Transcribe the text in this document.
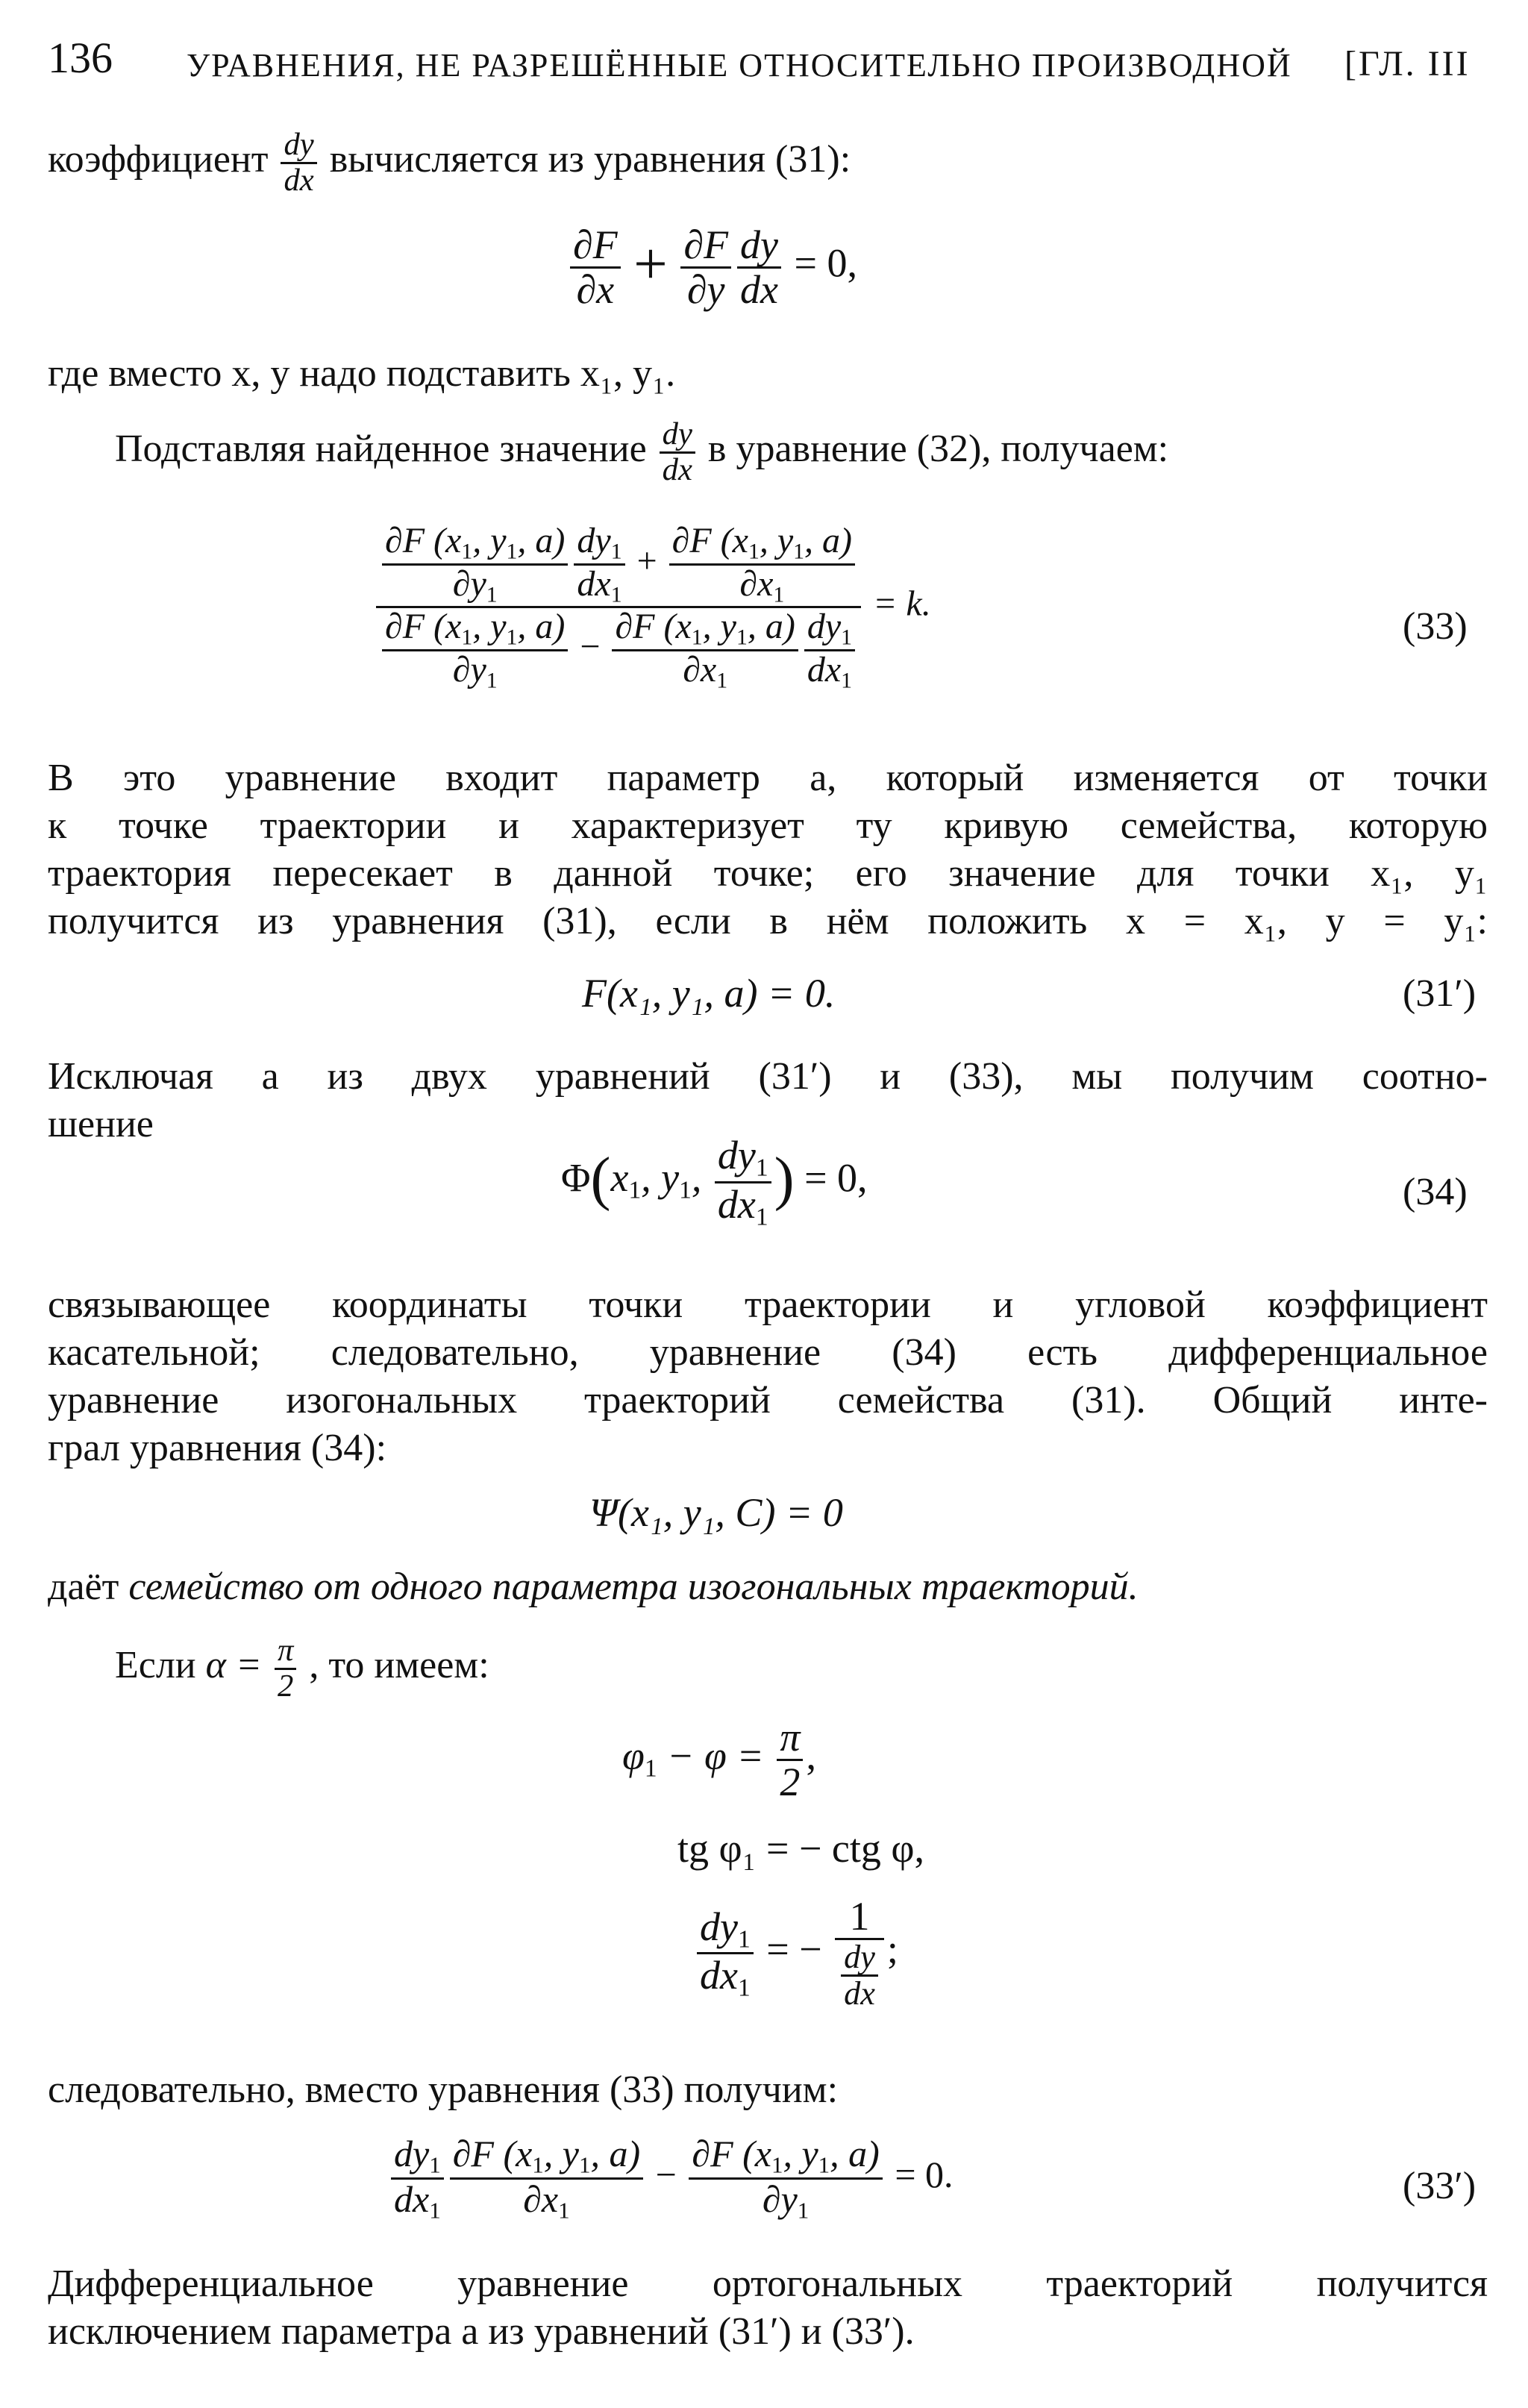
136 УРАВНЕНИЯ, НЕ РАЗРЕШЁННЫЕ ОТНОСИТЕЛЬНО ПРОИЗВОДНОЙ [ГЛ. III
коэффициент $\frac{dy}{dx}$ вычисляется из уравнения (31):
$\frac{\partial F}{\partial x} + \frac{\partial F}{\partial y} \frac{dy}{dx} = 0$,
где вместо x, y надо подставить x₁, y₁.
Подставляя найденное значение $\frac{dy}{dx}$ в уравнение (32), получаем:
$\frac{\frac{\partial F (x_1, y_1, a)}{\partial y_1} \frac{dy_1}{dx_1} + \frac{\partial F (x_1, y_1, a)}{\partial x_1}}{\frac{\partial F (x_1, y_1, a)}{\partial y_1} - \frac{\partial F (x_1, y_1, a)}{\partial x_1} \frac{dy_1}{dx_1}} = k$.
(33)
В это уравнение входит параметр a, который изменяется от точки
к точке траектории и характеризует ту кривую семейства, которую
траектория пересекает в данной точке; его значение для точки x₁, y₁
получится из уравнения (31), если в нём положить x = x₁, y = y₁:
F(x₁, y₁, a) = 0.	(31′)
Исключая a из двух уравнений (31′) и (33), мы получим соотно-
шение
$\Phi(x_1$, $y_1$, $\frac{dy_1}{dx_1}$ ) = 0,	(34)
связывающее координаты точки траектории и угловой коэффициент
касательной; следовательно, уравнение (34) есть дифференциальное
уравнение изогональных траекторий семейства (31). Общий инте-
грал уравнения (34):
Ψ(x₁, y₁, C) = 0
даёт семейство от одного параметра изогональных траекторий.
Если $\alpha = \frac{\pi}{2}$ , то имеем:
$\varphi_1 - \varphi = \frac{\pi}{2}$ ,
tg φ₁ = − ctg φ,
$\frac{dy_1}{dx_1}$ = − $\frac{1}{\frac{dy}{dx}}$ ;
следовательно, вместо уравнения (33) получим:
$\frac{dy_1}{dx_1} \frac{\partial F (x_1, y_1, a)}{\partial x_1} - \frac{\partial F (x_1, y_1, a)}{\partial y_1} = 0$.	(33′)
Дифференциальное уравнение ортогональных траекторий получится
исключением параметра a из уравнений (31′) и (33′).
